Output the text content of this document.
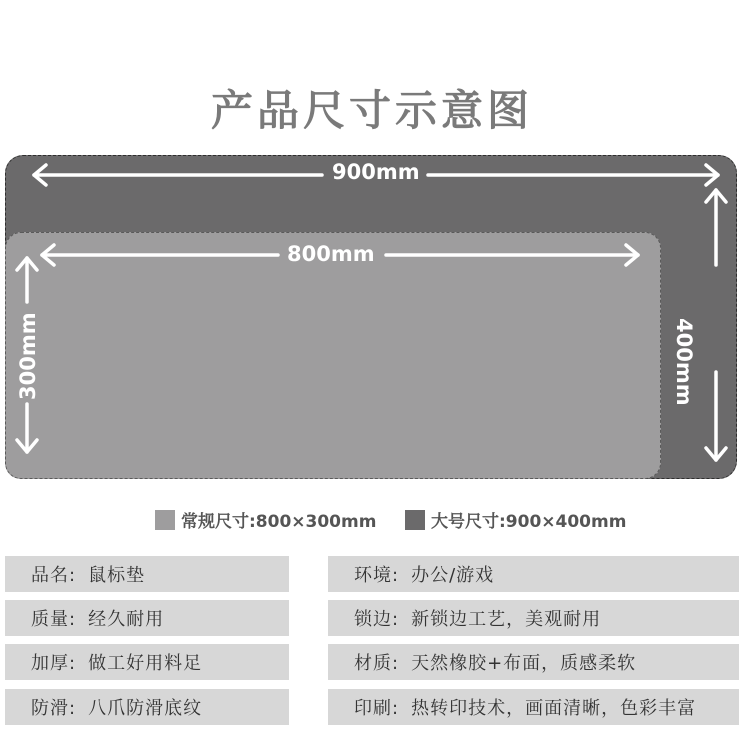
产品尺寸示意图
900mm
800mm
400mm
300mm
常规尺寸:800×300mm	大号尺寸:900×400mm
品名: 鼠标垫
质量: 经久耐用
加厚: 做工好用料足
防滑: 八爪防滑底纹
环境: 办公/游戏
锁边: 新锁边工艺，美观耐用
材质: 天然橡胶+布面，质感柔软
印刷: 热转印技术，画面清晰，色彩丰富
